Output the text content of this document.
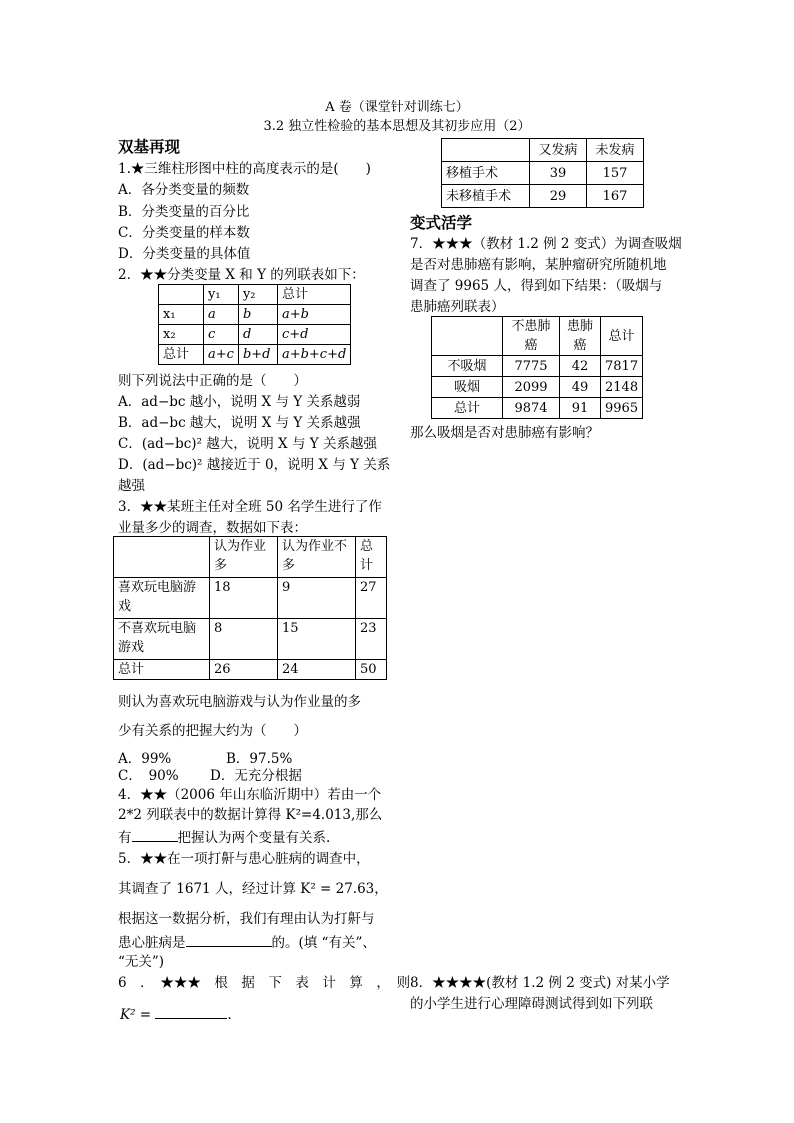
A 卷（课堂针对训练七）
3.2 独立性检验的基本思想及其初步应用（2）
双基再现
1.★三维柱形图中柱的高度表示的是(　　)
A．各分类变量的频数
B．分类变量的百分比
C．分类变量的样本数
D．分类变量的具体值
2．★★分类变量 X 和 Y 的列联表如下：
	y₁	y₂	总计
x₁	a	b	a+b
x₂	c	d	c+d
总计	a+c	b+d	a+b+c+d
则下列说法中正确的是（　　）
A．ad−bc 越小，说明 X 与 Y 关系越弱
B．ad−bc 越大，说明 X 与 Y 关系越强
C．(ad−bc)² 越大，说明 X 与 Y 关系越强
D．(ad−bc)² 越接近于 0，说明 X 与 Y 关系
越强
3．★★某班主任对全班 50 名学生进行了作
业量多少的调查，数据如下表：
	认为作业多	认为作业不多	总计
喜欢玩电脑游戏	18	9	27
不喜欢玩电脑游戏	8	15	23
总计	26	24	50
则认为喜欢玩电脑游戏与认为作业量的多
少有关系的把握大约为（　　）
A．99%	B．97.5%
C．　90% D．无充分根据
4．★★（2006 年山东临沂期中）若由一个
2*2 列联表中的数据计算得 K²=4.013,那么
有	把握认为两个变量有关系.
5．★★在一项打鼾与患心脏病的调查中，
其调查了 1671 人，经过计算 K² = 27.63，
根据这一数据分析，我们有理由认为打鼾与
患心脏病是	的。(填 “有关”、
“无关”)
6　．　★★★　根　据　下　表　计　算　，　则
K² =	.
	又发病	未发病
移植手术	39	157
未移植手术	29	167
变式活学
7．★★★（教材 1.2 例 2 变式）为调查吸烟
是否对患肺癌有影响，某肿瘤研究所随机地
调查了 9965 人，得到如下结果：（吸烟与
患肺癌列联表）
	不患肺癌	患肺癌	总计
不吸烟	7775	42	7817
吸烟	2099	49	2148
总计	9874	91	9965
那么吸烟是否对患肺癌有影响？
8．★★★★(教材 1.2 例 2 变式) 对某小学
的小学生进行心理障碍测试得到如下列联
